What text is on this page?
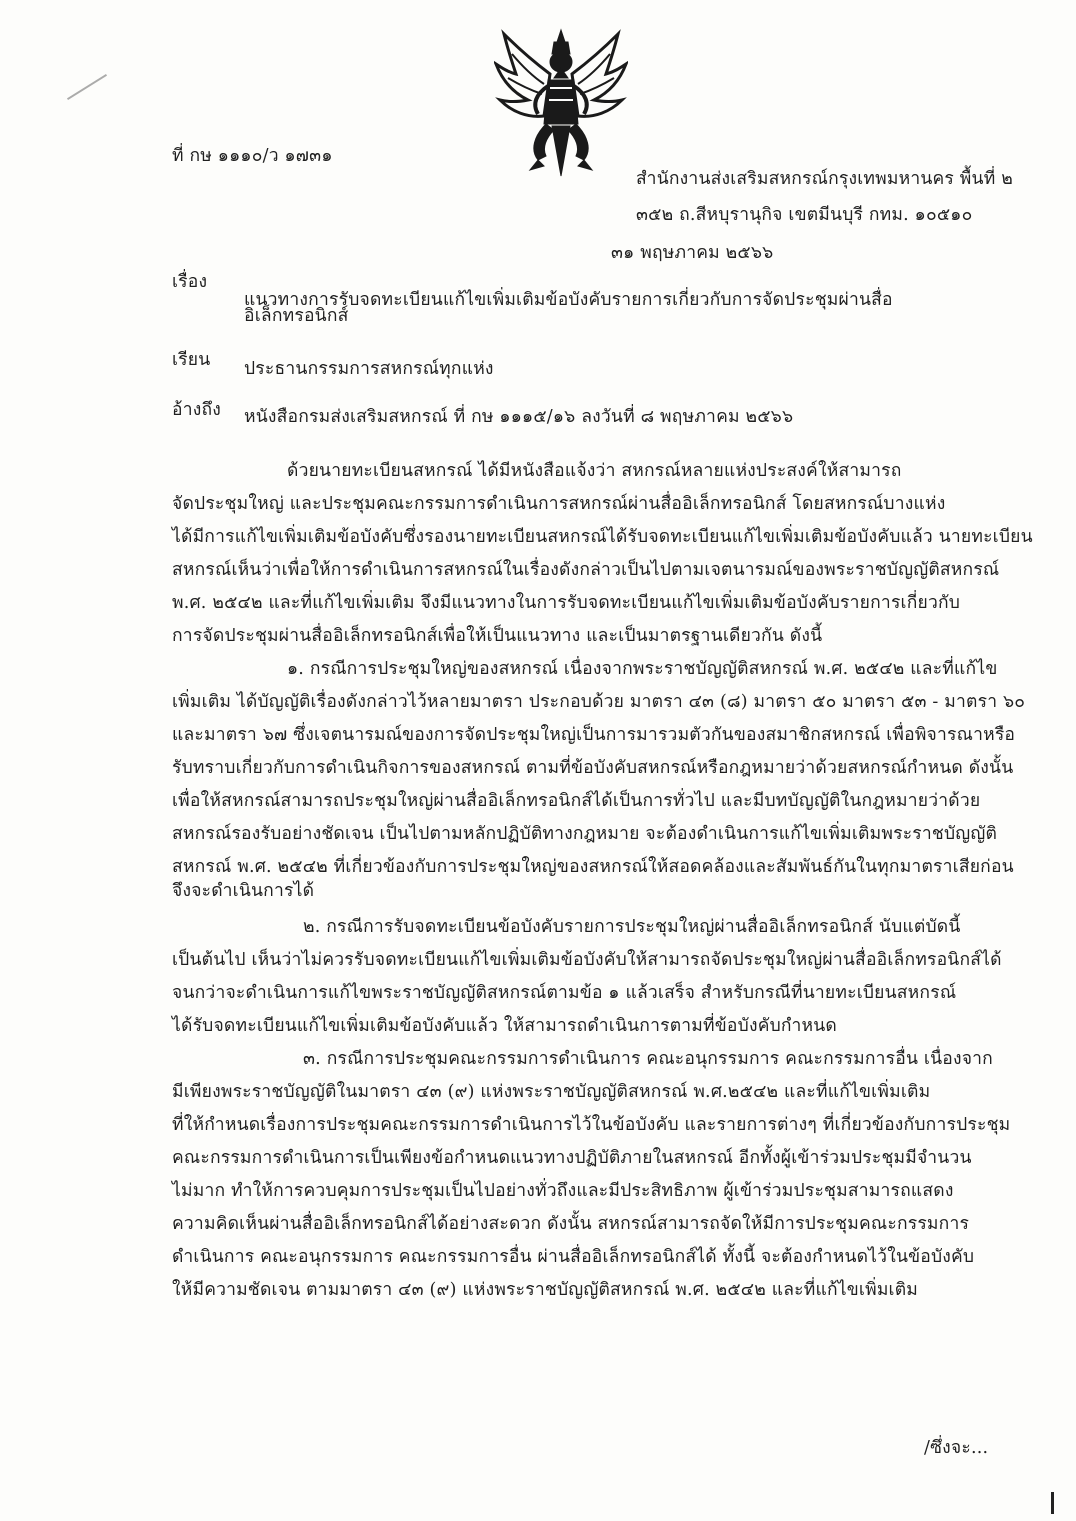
ที่ กษ ๑๑๑๐/ว ๑๗๓๑
สำนักงานส่งเสริมสหกรณ์กรุงเทพมหานคร พื้นที่ ๒
๓๕๒ ถ.สีหบุรานุกิจ เขตมีนบุรี กทม. ๑๐๕๑๐
๓๑ พฤษภาคม ๒๕๖๖
เรื่อง
แนวทางการรับจดทะเบียนแก้ไขเพิ่มเติมข้อบังคับรายการเกี่ยวกับการจัดประชุมผ่านสื่อ
อิเล็กทรอนิกส์
เรียน ประธานกรรมการสหกรณ์ทุกแห่ง
อ้างถึง หนังสือกรมส่งเสริมสหกรณ์ ที่ กษ ๑๑๑๕/๑๖ ลงวันที่ ๘ พฤษภาคม ๒๕๖๖
ด้วยนายทะเบียนสหกรณ์ ได้มีหนังสือแจ้งว่า สหกรณ์หลายแห่งประสงค์ให้สามารถ
จัดประชุมใหญ่ และประชุมคณะกรรมการดำเนินการสหกรณ์ผ่านสื่ออิเล็กทรอนิกส์ โดยสหกรณ์บางแห่ง
ได้มีการแก้ไขเพิ่มเติมข้อบังคับซึ่งรองนายทะเบียนสหกรณ์ได้รับจดทะเบียนแก้ไขเพิ่มเติมข้อบังคับแล้ว นายทะเบียน
สหกรณ์เห็นว่าเพื่อให้การดำเนินการสหกรณ์ในเรื่องดังกล่าวเป็นไปตามเจตนารมณ์ของพระราชบัญญัติสหกรณ์
พ.ศ. ๒๕๔๒ และที่แก้ไขเพิ่มเติม จึงมีแนวทางในการรับจดทะเบียนแก้ไขเพิ่มเติมข้อบังคับรายการเกี่ยวกับ
การจัดประชุมผ่านสื่ออิเล็กทรอนิกส์เพื่อให้เป็นแนวทาง และเป็นมาตรฐานเดียวกัน ดังนี้
๑. กรณีการประชุมใหญ่ของสหกรณ์ เนื่องจากพระราชบัญญัติสหกรณ์ พ.ศ. ๒๕๔๒ และที่แก้ไข
เพิ่มเติม ได้บัญญัติเรื่องดังกล่าวไว้หลายมาตรา ประกอบด้วย มาตรา ๔๓ (๘) มาตรา ๕๐ มาตรา ๕๓ - มาตรา ๖๐
และมาตรา ๖๗ ซึ่งเจตนารมณ์ของการจัดประชุมใหญ่เป็นการมารวมตัวกันของสมาชิกสหกรณ์ เพื่อพิจารณาหรือ
รับทราบเกี่ยวกับการดำเนินกิจการของสหกรณ์ ตามที่ข้อบังคับสหกรณ์หรือกฎหมายว่าด้วยสหกรณ์กำหนด ดังนั้น
เพื่อให้สหกรณ์สามารถประชุมใหญ่ผ่านสื่ออิเล็กทรอนิกส์ได้เป็นการทั่วไป และมีบทบัญญัติในกฎหมายว่าด้วย
สหกรณ์รองรับอย่างชัดเจน เป็นไปตามหลักปฏิบัติทางกฎหมาย จะต้องดำเนินการแก้ไขเพิ่มเติมพระราชบัญญัติ
สหกรณ์ พ.ศ. ๒๕๔๒ ที่เกี่ยวข้องกับการประชุมใหญ่ของสหกรณ์ให้สอดคล้องและสัมพันธ์กันในทุกมาตราเสียก่อน
จึงจะดำเนินการได้
๒. กรณีการรับจดทะเบียนข้อบังคับรายการประชุมใหญ่ผ่านสื่ออิเล็กทรอนิกส์ นับแต่บัดนี้
เป็นต้นไป เห็นว่าไม่ควรรับจดทะเบียนแก้ไขเพิ่มเติมข้อบังคับให้สามารถจัดประชุมใหญ่ผ่านสื่ออิเล็กทรอนิกส์ได้
จนกว่าจะดำเนินการแก้ไขพระราชบัญญัติสหกรณ์ตามข้อ ๑ แล้วเสร็จ สำหรับกรณีที่นายทะเบียนสหกรณ์
ได้รับจดทะเบียนแก้ไขเพิ่มเติมข้อบังคับแล้ว ให้สามารถดำเนินการตามที่ข้อบังคับกำหนด
๓. กรณีการประชุมคณะกรรมการดำเนินการ คณะอนุกรรมการ คณะกรรมการอื่น เนื่องจาก
มีเพียงพระราชบัญญัติในมาตรา ๔๓ (๙) แห่งพระราชบัญญัติสหกรณ์ พ.ศ.๒๕๔๒ และที่แก้ไขเพิ่มเติม
ที่ให้กำหนดเรื่องการประชุมคณะกรรมการดำเนินการไว้ในข้อบังคับ และรายการต่างๆ ที่เกี่ยวข้องกับการประชุม
คณะกรรมการดำเนินการเป็นเพียงข้อกำหนดแนวทางปฏิบัติภายในสหกรณ์ อีกทั้งผู้เข้าร่วมประชุมมีจำนวน
ไม่มาก ทำให้การควบคุมการประชุมเป็นไปอย่างทั่วถึงและมีประสิทธิภาพ ผู้เข้าร่วมประชุมสามารถแสดง
ความคิดเห็นผ่านสื่ออิเล็กทรอนิกส์ได้อย่างสะดวก ดังนั้น สหกรณ์สามารถจัดให้มีการประชุมคณะกรรมการ
ดำเนินการ คณะอนุกรรมการ คณะกรรมการอื่น ผ่านสื่ออิเล็กทรอนิกส์ได้ ทั้งนี้ จะต้องกำหนดไว้ในข้อบังคับ
ให้มีความชัดเจน ตามมาตรา ๔๓ (๙) แห่งพระราชบัญญัติสหกรณ์ พ.ศ. ๒๕๔๒ และที่แก้ไขเพิ่มเติม
/ซึ่งจะ...
